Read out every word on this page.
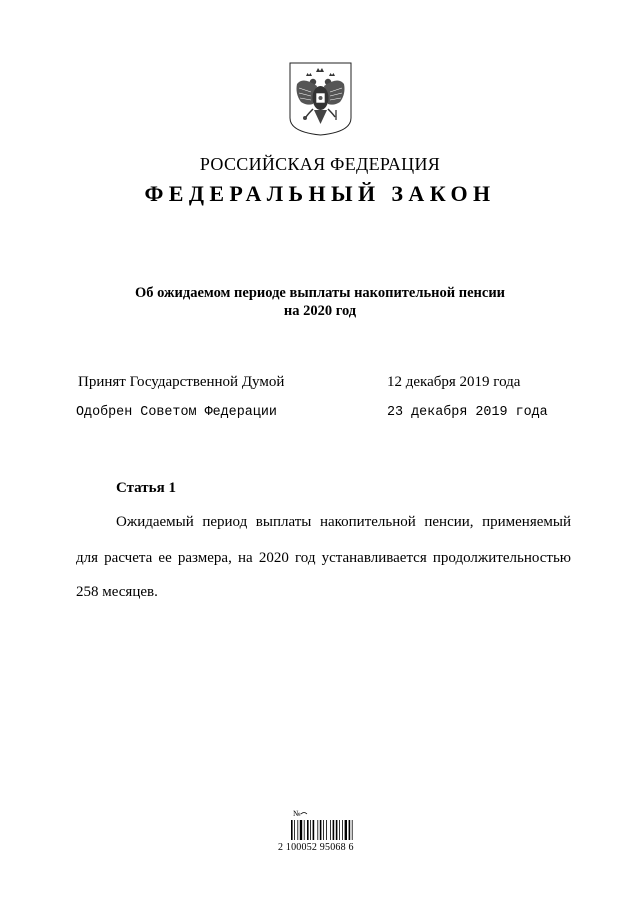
РОССИЙСКАЯ ФЕДЕРАЦИЯ
ФЕДЕРАЛЬНЫЙ ЗАКОН
Об ожидаемом периоде выплаты накопительной пенсии
на 2020 год
Принят Государственной Думой	12 декабря 2019 года
Одобрен Советом Федерации	23 декабря 2019 года
Статья 1
Ожидаемый период выплаты накопительной пенсии, применяемый
для расчета ее размера, на 2020 год устанавливается продолжительностью
258 месяцев.
№
2 100052 95068 6
